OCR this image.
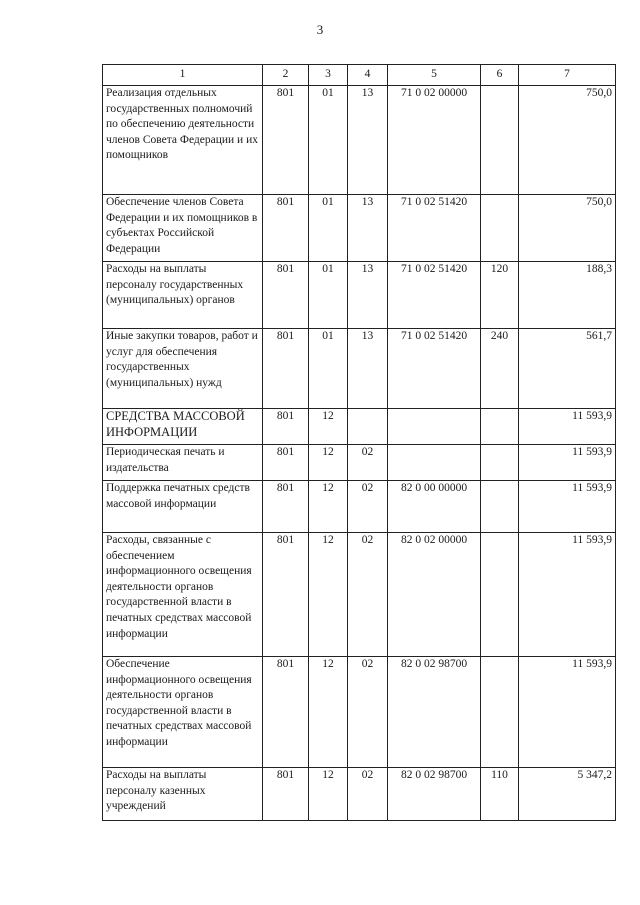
3
1	2	3	4	5	6	7
Реализация отдельных государственных полномочий по обеспечению деятельности членов Совета Федерации и их помощников	801	01	13	71 0 02 00000		750,0
Обеспечение членов Совета Федерации и их помощников в субъектах Российской Федерации	801	01	13	71 0 02 51420		750,0
Расходы на выплаты персоналу государственных (муниципальных) органов	801	01	13	71 0 02 51420	120	188,3
Иные закупки товаров, работ и услуг для обеспечения государственных (муниципальных) нужд	801	01	13	71 0 02 51420	240	561,7
СРЕДСТВА МАССОВОЙ ИНФОРМАЦИИ	801	12				11 593,9
Периодическая печать и издательства	801	12	02			11 593,9
Поддержка печатных средств массовой информации	801	12	02	82 0 00 00000		11 593,9
Расходы, связанные с обеспечением информационного освещения деятельности органов государственной власти в печатных средствах массовой информации	801	12	02	82 0 02 00000		11 593,9
Обеспечение информационного освещения деятельности органов государственной власти в печатных средствах массовой информации	801	12	02	82 0 02 98700		11 593,9
Расходы на выплаты персоналу казенных учреждений	801	12	02	82 0 02 98700	110	5 347,2
